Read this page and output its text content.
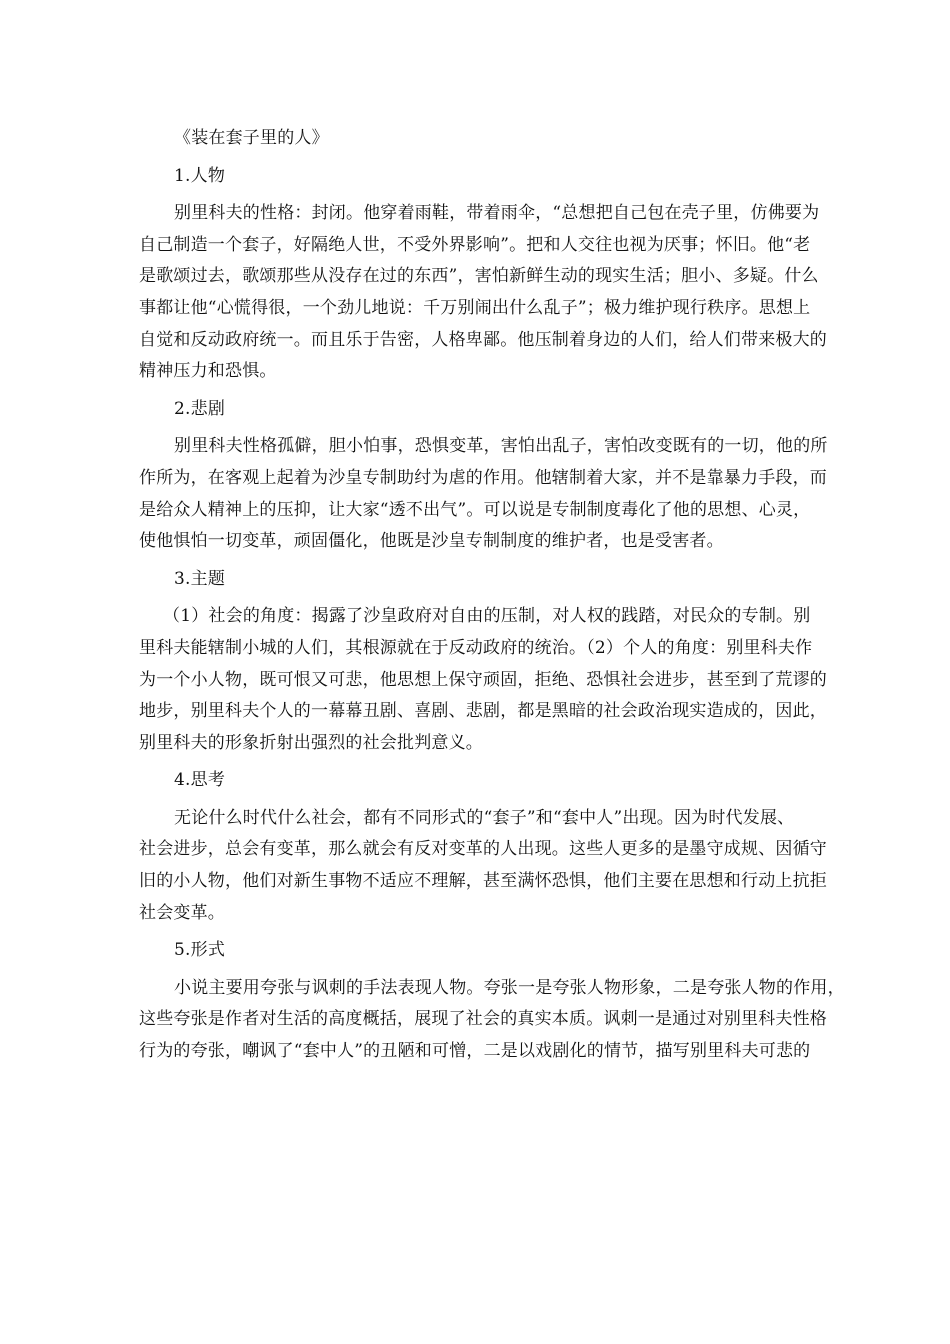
《装在套子里的人》

1.人物

别里科夫的性格：封闭。他穿着雨鞋，带着雨伞，“总想把自己包在壳子里，仿佛要为

自己制造一个套子，好隔绝人世，不受外界影响”。把和人交往也视为厌事；怀旧。他“老

是歌颂过去，歌颂那些从没存在过的东西”，害怕新鲜生动的现实生活；胆小、多疑。什么

事都让他“心慌得很，一个劲儿地说：千万别闹出什么乱子”；极力维护现行秩序。思想上

自觉和反动政府统一。而且乐于告密，人格卑鄙。他压制着身边的人们，给人们带来极大的

精神压力和恐惧。

2.悲剧

别里科夫性格孤僻，胆小怕事，恐惧变革，害怕出乱子，害怕改变既有的一切，他的所

作所为，在客观上起着为沙皇专制助纣为虐的作用。他辖制着大家，并不是靠暴力手段，而

是给众人精神上的压抑，让大家“透不出气”。可以说是专制制度毒化了他的思想、心灵，

使他惧怕一切变革，顽固僵化，他既是沙皇专制制度的维护者，也是受害者。

3.主题

（1）社会的角度：揭露了沙皇政府对自由的压制，对人权的践踏，对民众的专制。别

里科夫能辖制小城的人们，其根源就在于反动政府的统治。（2）个人的角度：别里科夫作

为一个小人物，既可恨又可悲，他思想上保守顽固，拒绝、恐惧社会进步，甚至到了荒谬的

地步，别里科夫个人的一幕幕丑剧、喜剧、悲剧，都是黑暗的社会政治现实造成的，因此，

别里科夫的形象折射出强烈的社会批判意义。

4.思考

无论什么时代什么社会，都有不同形式的“套子”和“套中人”出现。因为时代发展、

社会进步，总会有变革，那么就会有反对变革的人出现。这些人更多的是墨守成规、因循守

旧的小人物，他们对新生事物不适应不理解，甚至满怀恐惧，他们主要在思想和行动上抗拒

社会变革。

5.形式

小说主要用夸张与讽刺的手法表现人物。夸张一是夸张人物形象，二是夸张人物的作用，

这些夸张是作者对生活的高度概括，展现了社会的真实本质。讽刺一是通过对别里科夫性格

行为的夸张，嘲讽了“套中人”的丑陋和可憎，二是以戏剧化的情节，描写别里科夫可悲的
